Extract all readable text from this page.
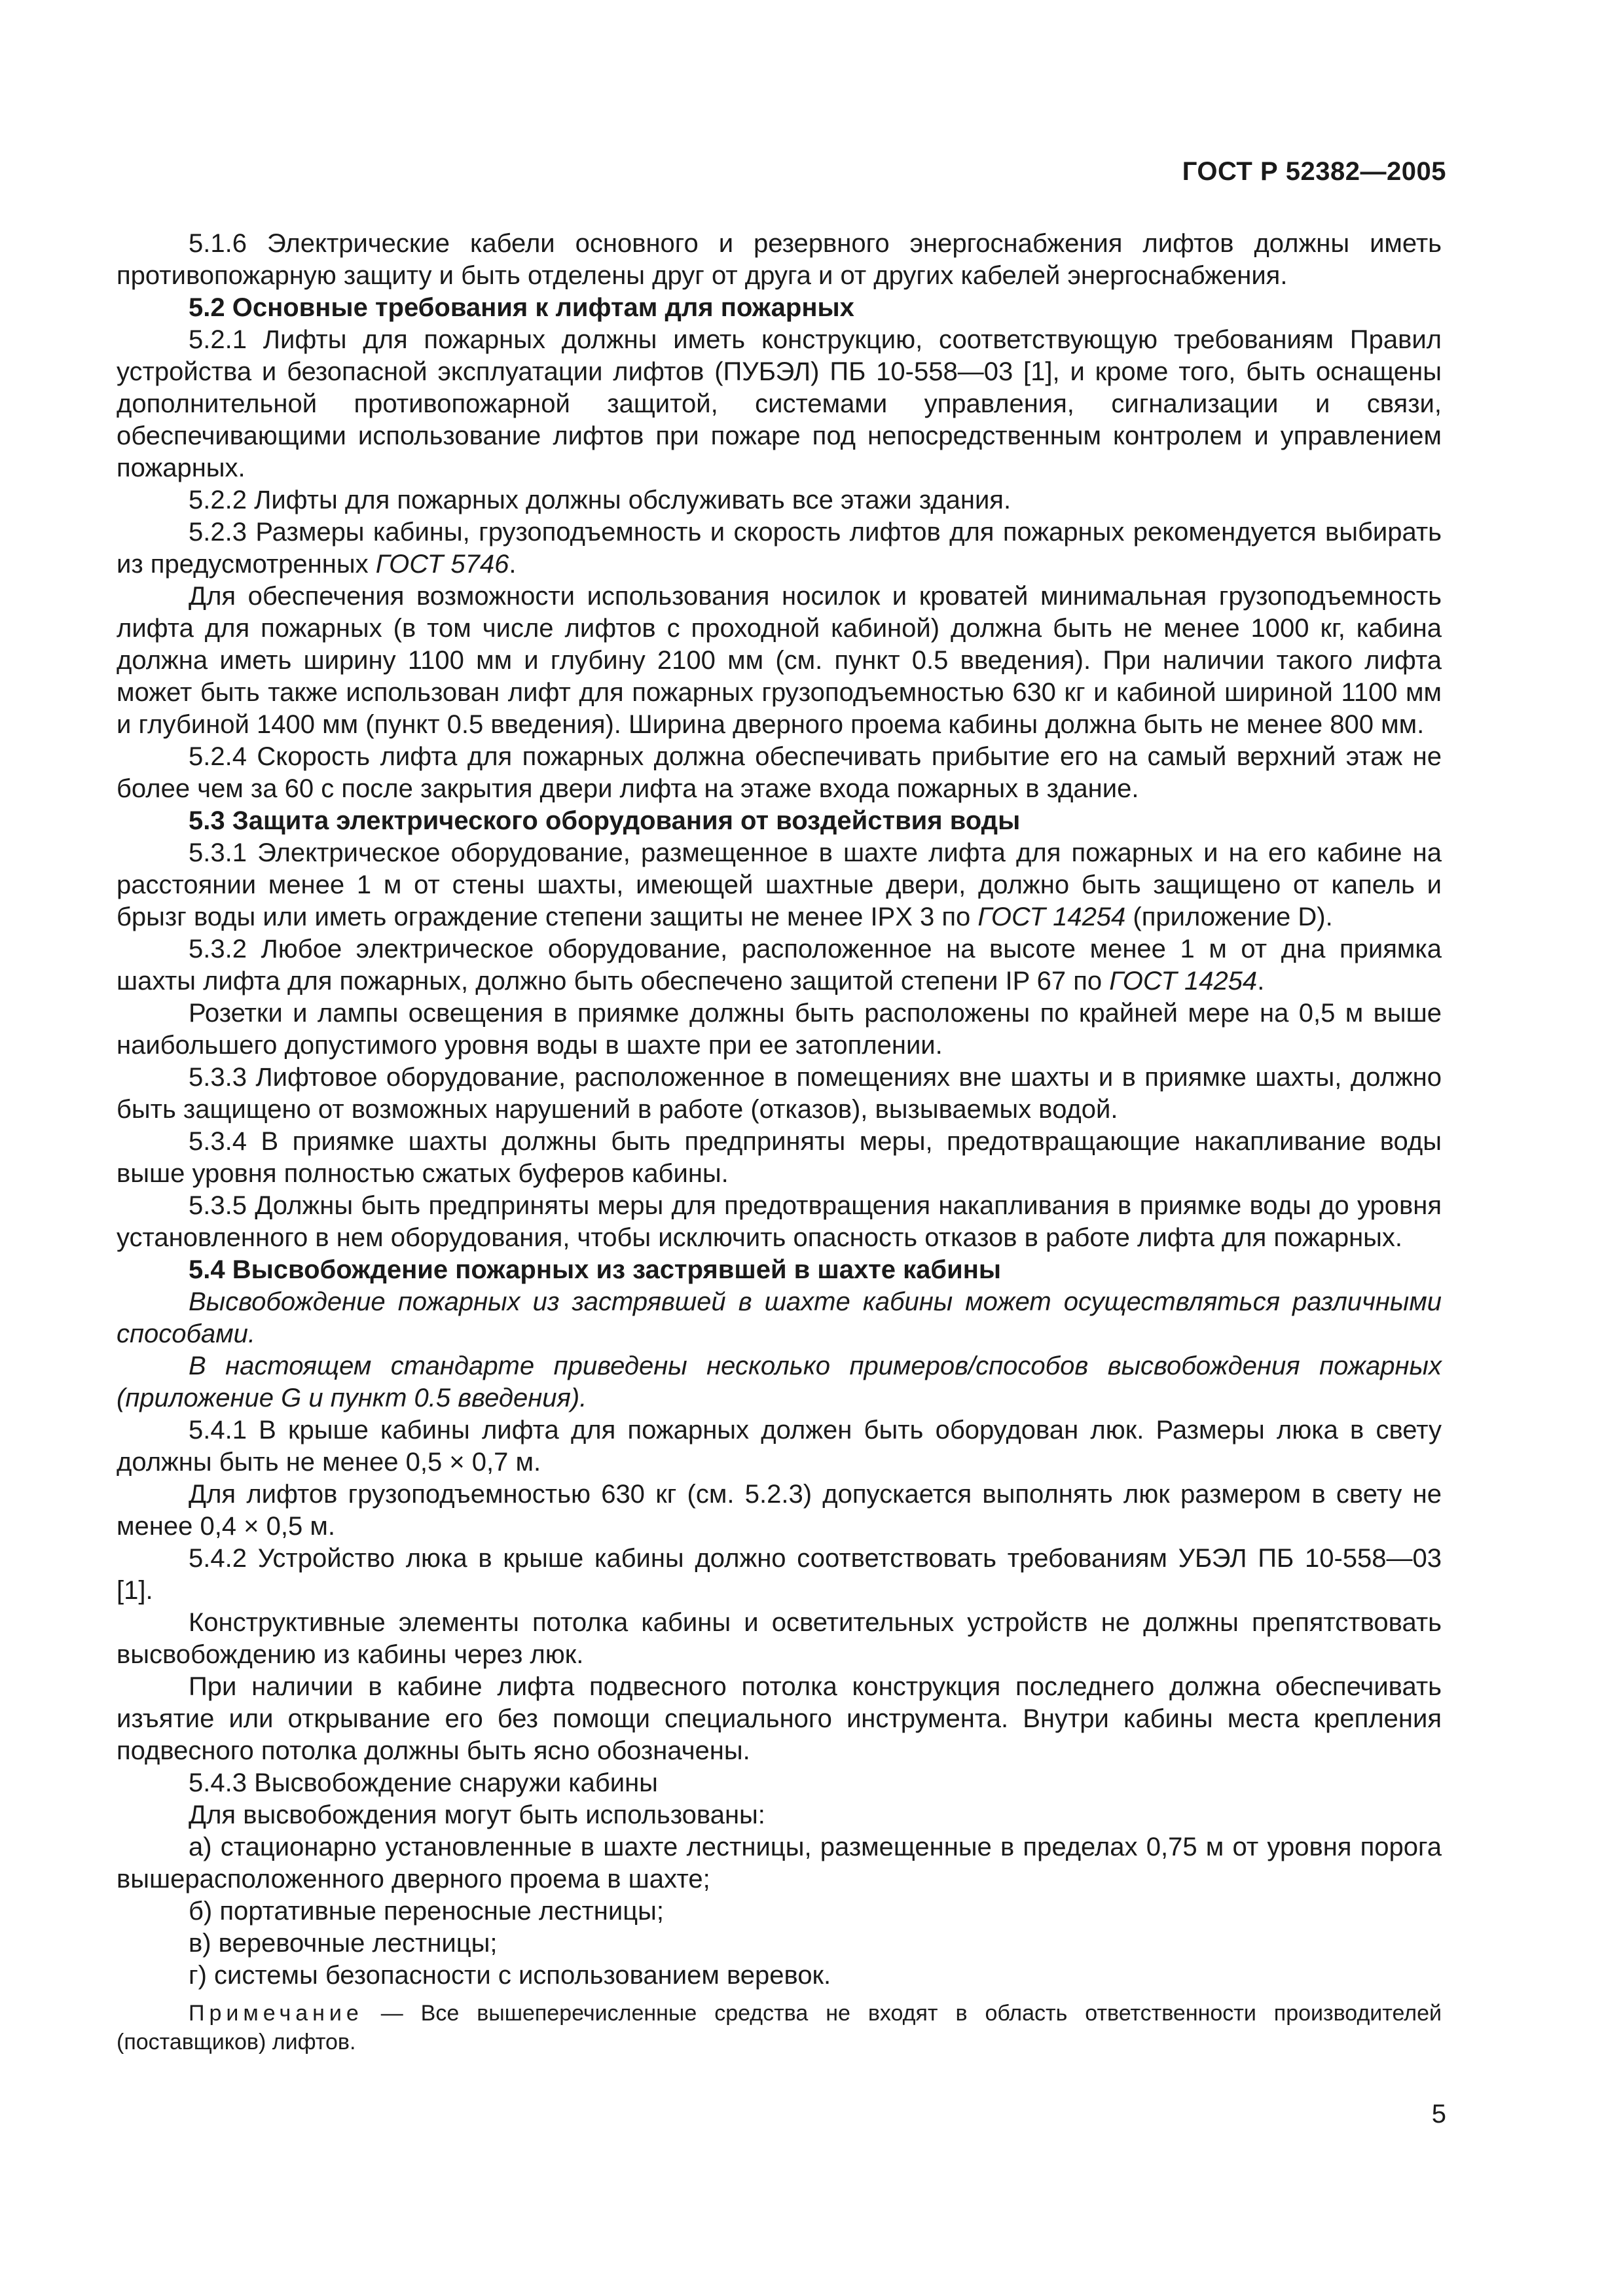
ГОСТ Р 52382—2005

5.1.6 Электрические кабели основного и резервного энергоснабжения лифтов должны иметь противопожарную защиту и быть отделены друг от друга и от других кабелей энергоснабжения.

5.2 Основные требования к лифтам для пожарных

5.2.1 Лифты для пожарных должны иметь конструкцию, соответствующую требованиям Правил устройства и безопасной эксплуатации лифтов (ПУБЭЛ) ПБ 10-558—03 [1], и кроме того, быть оснащены дополнительной противопожарной защитой, системами управления, сигнализации и связи, обеспечивающими использование лифтов при пожаре под непосредственным контролем и управлением пожарных.

5.2.2 Лифты для пожарных должны обслуживать все этажи здания.

5.2.3 Размеры кабины, грузоподъемность и скорость лифтов для пожарных рекомендуется выбирать из предусмотренных ГОСТ 5746.

Для обеспечения возможности использования носилок и кроватей минимальная грузоподъемность лифта для пожарных (в том числе лифтов с проходной кабиной) должна быть не менее 1000 кг, кабина должна иметь ширину 1100 мм и глубину 2100 мм (см. пункт 0.5 введения). При наличии такого лифта может быть также использован лифт для пожарных грузоподъемностью 630 кг и кабиной шириной 1100 мм и глубиной 1400 мм (пункт 0.5 введения). Ширина дверного проема кабины должна быть не менее 800 мм.

5.2.4 Скорость лифта для пожарных должна обеспечивать прибытие его на самый верхний этаж не более чем за 60 с после закрытия двери лифта на этаже входа пожарных в здание.

5.3 Защита электрического оборудования от воздействия воды

5.3.1 Электрическое оборудование, размещенное в шахте лифта для пожарных и на его кабине на расстоянии менее 1 м от стены шахты, имеющей шахтные двери, должно быть защищено от капель и брызг воды или иметь ограждение степени защиты не менее IPX 3 по ГОСТ 14254 (приложение D).

5.3.2 Любое электрическое оборудование, расположенное на высоте менее 1 м от дна приямка шахты лифта для пожарных, должно быть обеспечено защитой степени IP 67 по ГОСТ 14254.

Розетки и лампы освещения в приямке должны быть расположены по крайней мере на 0,5 м выше наибольшего допустимого уровня воды в шахте при ее затоплении.

5.3.3 Лифтовое оборудование, расположенное в помещениях вне шахты и в приямке шахты, должно быть защищено от возможных нарушений в работе (отказов), вызываемых водой.

5.3.4 В приямке шахты должны быть предприняты меры, предотвращающие накапливание воды выше уровня полностью сжатых буферов кабины.

5.3.5 Должны быть предприняты меры для предотвращения накапливания в приямке воды до уровня установленного в нем оборудования, чтобы исключить опасность отказов в работе лифта для пожарных.

5.4 Высвобождение пожарных из застрявшей в шахте кабины

Высвобождение пожарных из застрявшей в шахте кабины может осуществляться различными способами.

В настоящем стандарте приведены несколько примеров/способов высвобождения пожарных (приложение G и пункт 0.5 введения).

5.4.1 В крыше кабины лифта для пожарных должен быть оборудован люк. Размеры люка в свету должны быть не менее 0,5 × 0,7 м.

Для лифтов грузоподъемностью 630 кг (см. 5.2.3) допускается выполнять люк размером в свету не менее 0,4 × 0,5 м.

5.4.2 Устройство люка в крыше кабины должно соответствовать требованиям УБЭЛ ПБ 10-558—03 [1].

Конструктивные элементы потолка кабины и осветительных устройств не должны препятствовать высвобождению из кабины через люк.

При наличии в кабине лифта подвесного потолка конструкция последнего должна обеспечивать изъятие или открывание его без помощи специального инструмента. Внутри кабины места крепления подвесного потолка должны быть ясно обозначены.

5.4.3 Высвобождение снаружи кабины

Для высвобождения могут быть использованы:

а) стационарно установленные в шахте лестницы, размещенные в пределах 0,75 м от уровня порога вышерасположенного дверного проема в шахте;

б) портативные переносные лестницы;

в) веревочные лестницы;

г) системы безопасности с использованием веревок.

Примечание — Все вышеперечисленные средства не входят в область ответственности производителей (поставщиков) лифтов.
5
